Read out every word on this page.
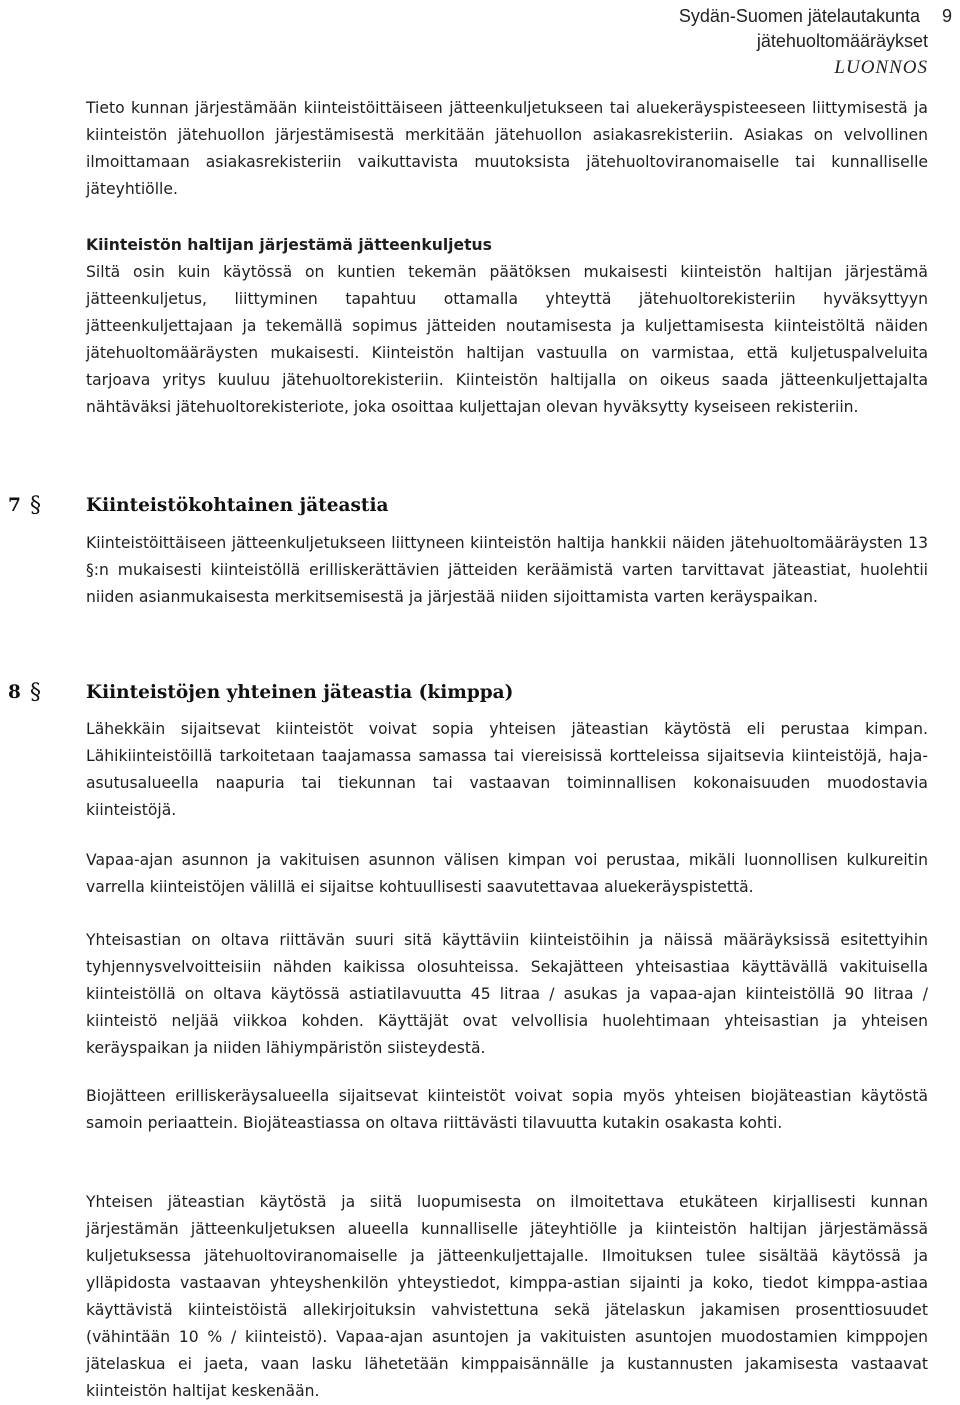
Sydän-Suomen jätelautakunta 9
jätehuoltomääräykset
LUONNOS

Tieto kunnan järjestämään kiinteistöittäiseen jätteenkuljetukseen tai aluekeräyspisteeseen liittymisestä ja kiinteistön jätehuollon järjestämisestä merkitään jätehuollon asiakasrekisteriin. Asiakas on velvollinen ilmoittamaan asiakasrekisteriin vaikuttavista muutoksista jätehuoltoviranomaiselle tai kunnalliselle jäteyhtiölle.

Kiinteistön haltijan järjestämä jätteenkuljetus

Siltä osin kuin käytössä on kuntien tekemän päätöksen mukaisesti kiinteistön haltijan järjestämä jätteenkuljetus, liittyminen tapahtuu ottamalla yhteyttä jätehuoltorekisteriin hyväksyttyyn jätteenkuljettajaan ja tekemällä sopimus jätteiden noutamisesta ja kuljettamisesta kiinteistöltä näiden jätehuoltomääräysten mukaisesti. Kiinteistön haltijan vastuulla on varmistaa, että kuljetuspalveluita tarjoava yritys kuuluu jätehuoltorekisteriin. Kiinteistön haltijalla on oikeus saada jätteenkuljettajalta nähtäväksi jätehuoltorekisteriote, joka osoittaa kuljettajan olevan hyväksytty kyseiseen rekisteriin.

7 § Kiinteistökohtainen jäteastia

Kiinteistöittäiseen jätteenkuljetukseen liittyneen kiinteistön haltija hankkii näiden jätehuoltomääräysten 13 §:n mukaisesti kiinteistöllä erilliskerättävien jätteiden keräämistä varten tarvittavat jäteastiat, huolehtii niiden asianmukaisesta merkitsemisestä ja järjestää niiden sijoittamista varten keräyspaikan.

8 § Kiinteistöjen yhteinen jäteastia (kimppa)

Lähekkäin sijaitsevat kiinteistöt voivat sopia yhteisen jäteastian käytöstä eli perustaa kimpan. Lähikiinteistöillä tarkoitetaan taajamassa samassa tai viereisissä kortteleissa sijaitsevia kiinteistöjä, haja-asutusalueella naapuria tai tiekunnan tai vastaavan toiminnallisen kokonaisuuden muodostavia kiinteistöjä.

Vapaa-ajan asunnon ja vakituisen asunnon välisen kimpan voi perustaa, mikäli luonnollisen kulkureitin varrella kiinteistöjen välillä ei sijaitse kohtuullisesti saavutettavaa aluekeräyspistettä.

Yhteisastian on oltava riittävän suuri sitä käyttäviin kiinteistöihin ja näissä määräyksissä esitettyihin tyhjennysvelvoitteisiin nähden kaikissa olosuhteissa. Sekajätteen yhteisastiaa käyttävällä vakituisella kiinteistöllä on oltava käytössä astiatilavuutta 45 litraa / asukas ja vapaa-ajan kiinteistöllä 90 litraa / kiinteistö neljää viikkoa kohden. Käyttäjät ovat velvollisia huolehtimaan yhteisastian ja yhteisen keräyspaikan ja niiden lähiympäristön siisteydestä.

Biojätteen erilliskeräysalueella sijaitsevat kiinteistöt voivat sopia myös yhteisen biojäteastian käytöstä samoin periaattein. Biojäteastiassa on oltava riittävästi tilavuutta kutakin osakasta kohti.

Yhteisen jäteastian käytöstä ja siitä luopumisesta on ilmoitettava etukäteen kirjallisesti kunnan järjestämän jätteenkuljetuksen alueella kunnalliselle jäteyhtiölle ja kiinteistön haltijan järjestämässä kuljetuksessa jätehuoltoviranomaiselle ja jätteenkuljettajalle. Ilmoituksen tulee sisältää käytössä ja ylläpidosta vastaavan yhteyshenkilön yhteystiedot, kimppa-astian sijainti ja koko, tiedot kimppa-astiaa käyttävistä kiinteistöistä allekirjoituksin vahvistettuna sekä jätelaskun jakamisen prosenttiosuudet (vähintään 10 % / kiinteistö). Vapaa-ajan asuntojen ja vakituisten asuntojen muodostamien kimppojen jätelaskua ei jaeta, vaan lasku lähetetään kimppaisännälle ja kustannusten jakamisesta vastaavat kiinteistön haltijat keskenään.
